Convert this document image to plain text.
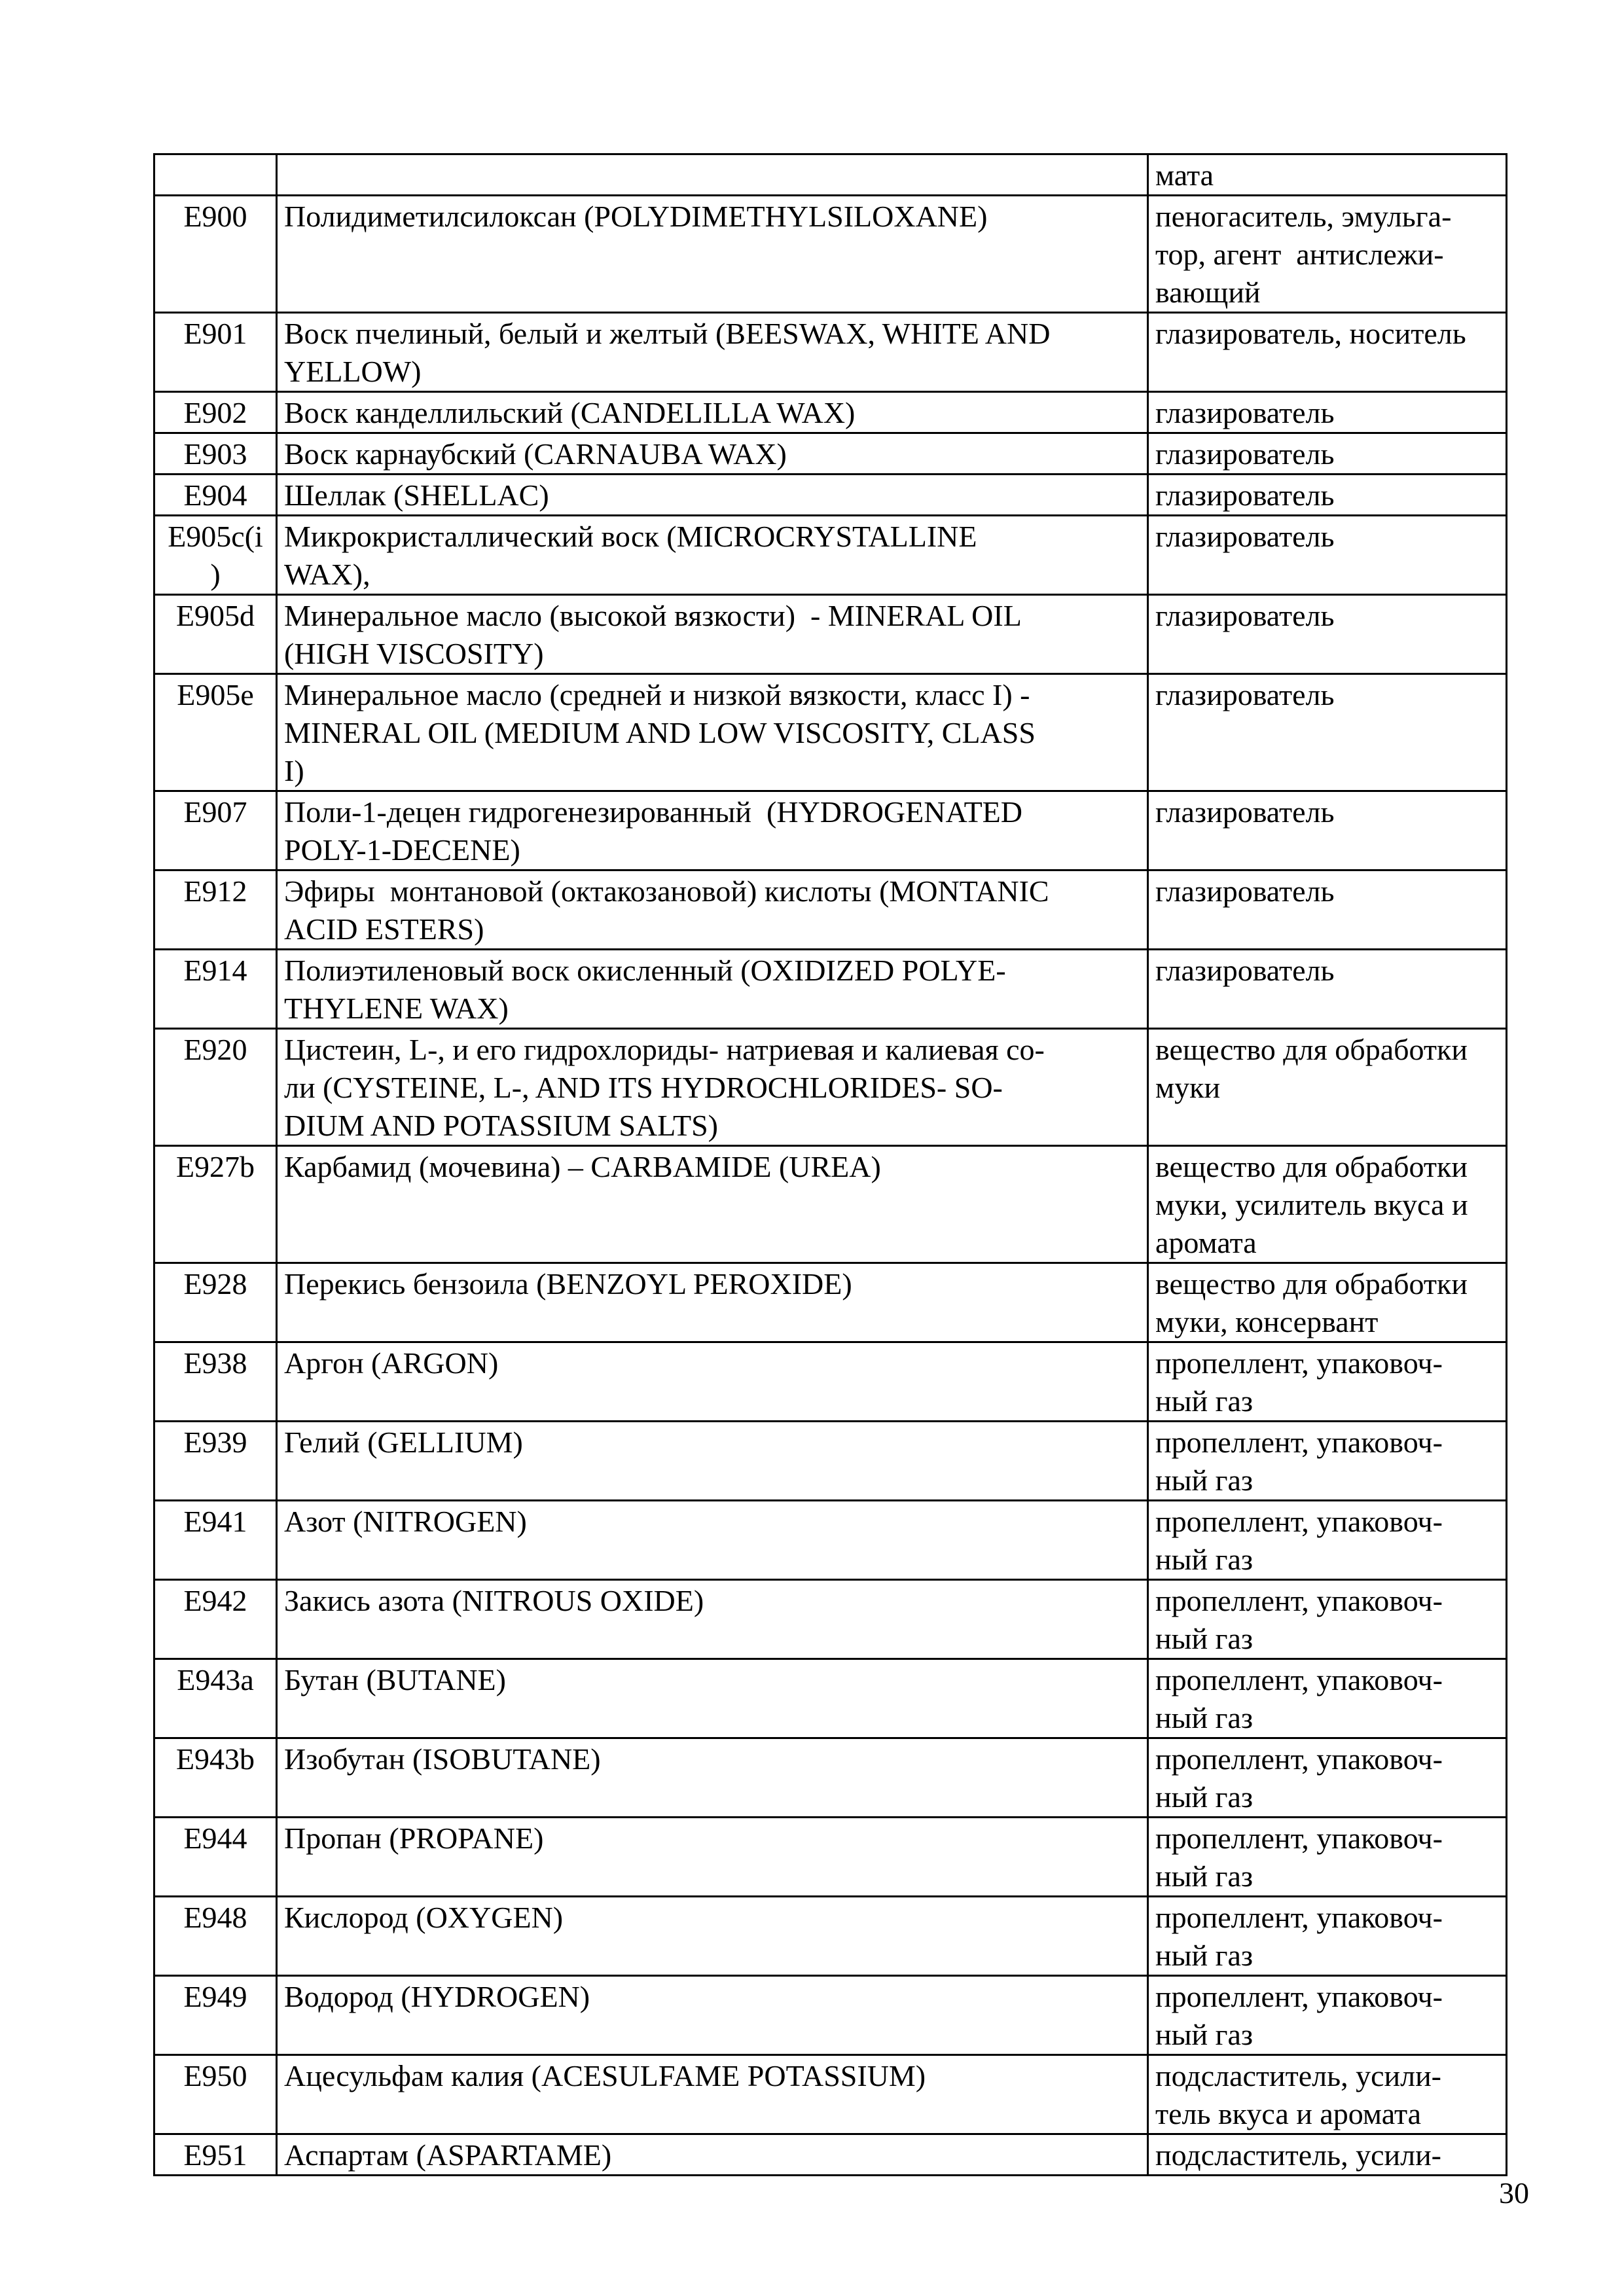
		мата

E900	Полидиметилсилоксан (POLYDIMETHYLSILOXANE)	пеногаситель, эмульга-
тор, агент  антислежи-
вающий

E901	Воск пчелиный, белый и желтый (BEESWAX, WHITE AND
YELLOW)	глазирователь, носитель

E902	Воск канделлильский (CANDELILLA WAX)	глазирователь

E903	Воск карнаубский (CARNAUBA WAX)	глазирователь

E904	Шеллак (SHELLAC)	глазирователь

E905c(i
)	Микрокристаллический воск (MICROCRYSTALLINE
WAX),	глазирователь

E905d	Минеральное масло (высокой вязкости)  - MINERAL OIL
(HIGH VISCOSITY)	глазирователь

E905e	Минеральное масло (средней и низкой вязкости, класс I) -
MINERAL OIL (MEDIUM AND LOW VISCOSITY, CLASS
I)	глазирователь

E907	Поли-1-децен гидрогенезированный  (HYDROGENATED
POLY-1-DECENE)	глазирователь

E912	Эфиры  монтановой (октакозановой) кислоты (MONTANIC
ACID ESTERS)	глазирователь

E914	Полиэтиленовый воск окисленный (OXIDIZED POLYE-
THYLENE WAX)	глазирователь

E920	Цистеин, L-, и его гидрохлориды- натриевая и калиевая со-
ли (CYSTEINE, L-, AND ITS HYDROCHLORIDES- SO-
DIUM AND POTASSIUM SALTS)	вещество для обработки
муки

E927b	Карбамид (мочевина) – CARBAMIDE (UREA)	вещество для обработки
муки, усилитель вкуса и
аромата

E928	Перекись бензоила (BENZOYL PEROXIDE)	вещество для обработки
муки, консервант

E938	Аргон (ARGON)	пропеллент, упаковоч-
ный газ

E939	Гелий (GELLIUM)	пропеллент, упаковоч-
ный газ

E941	Азот (NITROGEN)	пропеллент, упаковоч-
ный газ

E942	Закись азота (NITROUS OXIDE)	пропеллент, упаковоч-
ный газ

E943a	Бутан (BUTANE)	пропеллент, упаковоч-
ный газ

E943b	Изобутан (ISOBUTANE)	пропеллент, упаковоч-
ный газ

E944	Пропан (PROPANE)	пропеллент, упаковоч-
ный газ

E948	Кислород (OXYGEN)	пропеллент, упаковоч-
ный газ

E949	Водород (HYDROGEN)	пропеллент, упаковоч-
ный газ

E950	Ацесульфам калия (ACESULFAME POTASSIUM)	подсластитель, усили-
тель вкуса и аромата

E951	Аспартам (ASPARTAME)	подсластитель, усили-
30
